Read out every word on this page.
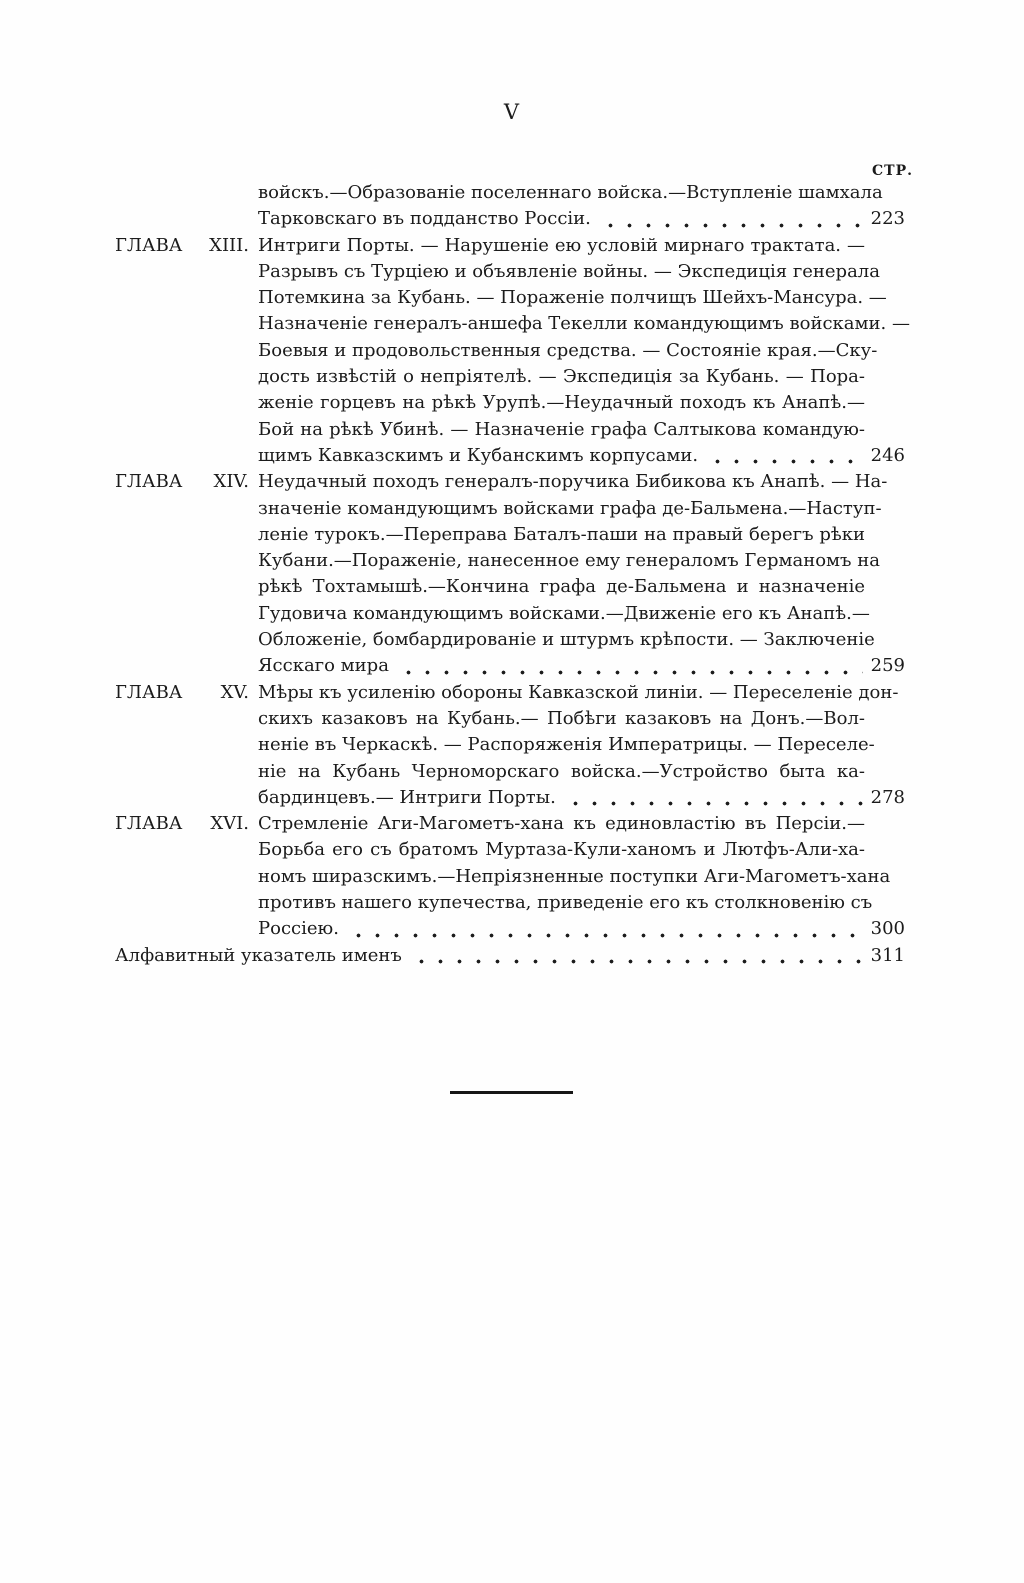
V
СТР.
войскъ.—Образованіе поселеннаго войска.—Вступленіе шамхала
Тарковскаго въ подданство Россіи.	223
ГЛАВА XIII. Интриги Порты. — Нарушеніе ею условій мирнаго трактата. —
Разрывъ съ Турціею и объявленіе войны. — Экспедиція генерала
Потемкина за Кубань. — Пораженіе полчищъ Шейхъ-Мансура. —
Назначеніе генералъ-аншефа Текелли командующимъ войсками. —
Боевыя и продовольственныя средства. — Состояніе края.—Ску-
дость извѣстій о непріятелѣ. — Экспедиція за Кубань. — Пора-
женіе горцевъ на рѣкѣ Урупѣ.—Неудачный походъ къ Анапѣ.—
Бой на рѣкѣ Убинѣ. — Назначеніе графа Салтыкова командую-
щимъ Кавказскимъ и Кубанскимъ корпусами.	246
ГЛАВА XIV. Неудачный походъ генералъ-поручика Бибикова къ Анапѣ. — На-
значеніе командующимъ войсками графа де-Бальмена.—Наступ-
леніе турокъ.—Переправа Баталъ-паши на правый берегъ рѣки
Кубани.—Пораженіе, нанесенное ему генераломъ Германомъ на
рѣкѣ Тохтамышѣ.—Кончина графа де-Бальмена и назначеніе
Гудовича командующимъ войсками.—Движеніе его къ Анапѣ.—
Обложеніе, бомбардированіе и штурмъ крѣпости. — Заключеніе
Ясскаго мира	259
ГЛАВА XV. Мѣры къ усиленію обороны Кавказской линіи. — Переселеніе дон-
скихъ казаковъ на Кубань.— Побѣги казаковъ на Донъ.—Вол-
неніе въ Черкаскѣ. — Распоряженія Императрицы. — Переселе-
ніе на Кубань Черноморскаго войска.—Устройство быта ка-
бардинцевъ.— Интриги Порты.	278
ГЛАВА XVI. Стремленіе Аги-Магометъ-хана къ единовластію въ Персіи.—
Борьба его съ братомъ Муртаза-Кули-ханомъ и Лютфъ-Али-ха-
номъ ширазскимъ.—Непріязненные поступки Аги-Магометъ-хана
противъ нашего купечества, приведеніе его къ столкновенію съ
Россіею.	300
Алфавитный указатель именъ	311
